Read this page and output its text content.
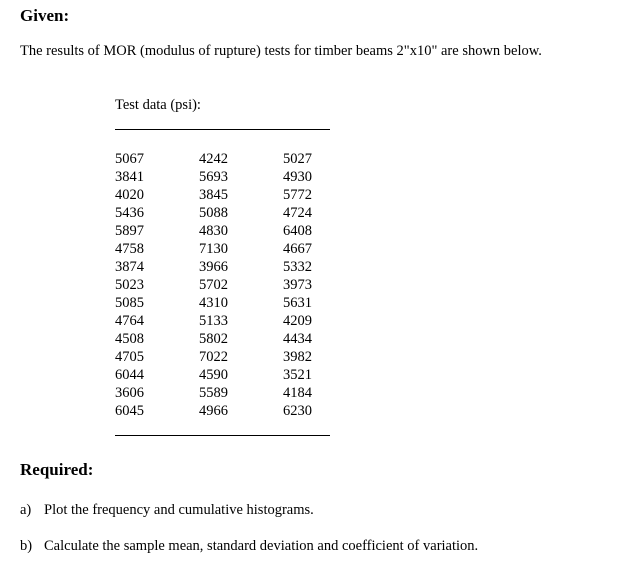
Given:

The results of MOR (modulus of rupture) tests for timber beams 2"x10" are shown below.

Test data (psi):
5067	4242	5027
3841	5693	4930
4020	3845	5772
5436	5088	4724
5897	4830	6408
4758	7130	4667
3874	3966	5332
5023	5702	3973
5085	4310	5631
4764	5133	4209
4508	5802	4434
4705	7022	3982
6044	4590	3521
3606	5589	4184
6045	4966	6230
Required:
a) Plot the frequency and cumulative histograms.
b) Calculate the sample mean, standard deviation and coefficient of variation.
